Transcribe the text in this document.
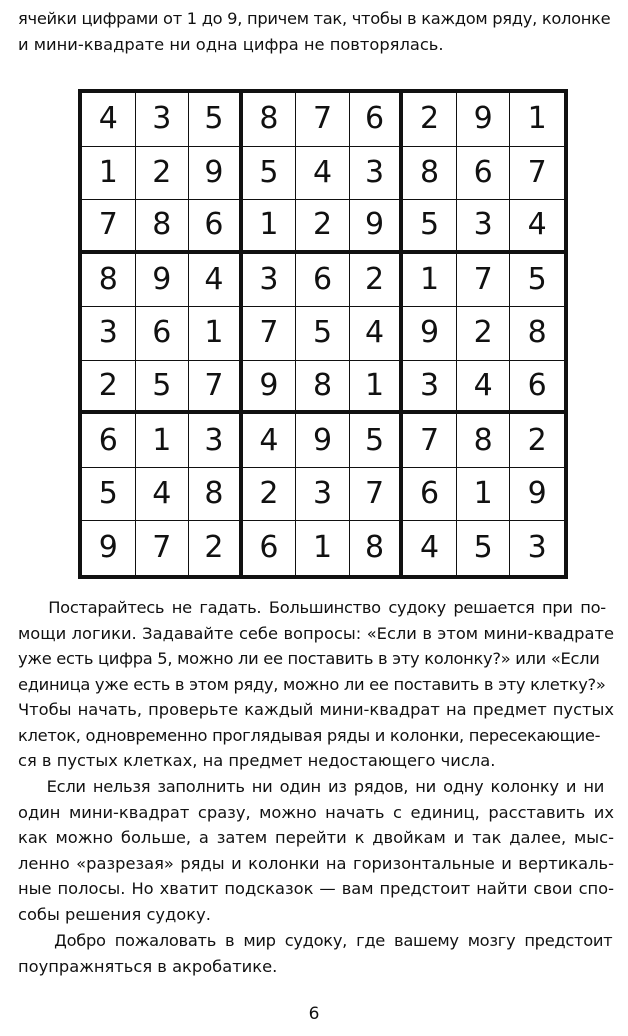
ячейки цифрами от 1 до 9, причем так, чтобы в каждом ряду, колонке
и мини-квадрате ни одна цифра не повторялась.
4	3	5	8	7	6	2	9	1
1	2	9	5	4	3	8	6	7
7	8	6	1	2	9	5	3	4
8	9	4	3	6	2	1	7	5
3	6	1	7	5	4	9	2	8
2	5	7	9	8	1	3	4	6
6	1	3	4	9	5	7	8	2
5	4	8	2	3	7	6	1	9
9	7	2	6	1	8	4	5	3
Постарайтесь не гадать. Большинство судоку решается при по-
мощи логики. Задавайте себе вопросы: «Если в этом мини-квадрате
уже есть цифра 5, можно ли ее поставить в эту колонку?» или «Если
единица уже есть в этом ряду, можно ли ее поставить в эту клетку?»
Чтобы начать, проверьте каждый мини-квадрат на предмет пустых
клеток, одновременно проглядывая ряды и колонки, пересекающие-
ся в пустых клетках, на предмет недостающего числа.
Если нельзя заполнить ни один из рядов, ни одну колонку и ни
один мини-квадрат сразу, можно начать с единиц, расставить их
как можно больше, а затем перейти к двойкам и так далее, мыс-
ленно «разрезая» ряды и колонки на горизонтальные и вертикаль-
ные полосы. Но хватит подсказок — вам предстоит найти свои спо-
собы решения судоку.
Добро пожаловать в мир судоку, где вашему мозгу предстоит
поупражняться в акробатике.
6
